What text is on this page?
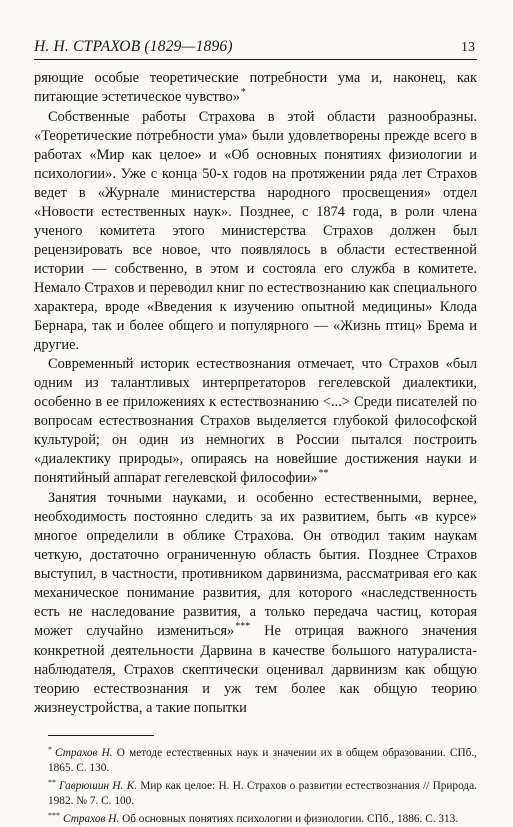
Н. Н. СТРАХОВ (1829—1896)	13

ряющие особые теоретические потребности ума и, наконец, как питающие эстетическое чувство»*

Собственные работы Страхова в этой области разнообразны. «Теоретические потребности ума» были удовлетворены прежде всего в работах «Мир как целое» и «Об основных понятиях физиологии и психологии». Уже с конца 50-х годов на протяжении ряда лет Страхов ведет в «Журнале министерства народного просвещения» отдел «Новости естественных наук». Позднее, с 1874 года, в роли члена ученого комитета этого министерства Страхов должен был рецензировать все новое, что появлялось в области естественной истории — собственно, в этом и состояла его служба в комитете. Немало Страхов и переводил книг по естествознанию как специального характера, вроде «Введения к изучению опытной медицины» Клода Бернара, так и более общего и популярного — «Жизнь птиц» Брема и другие.

Современный историк естествознания отмечает, что Страхов «был одним из талантливых интерпретаторов гегелевской диалектики, особенно в ее приложениях к естествознанию <...> Среди писателей по вопросам естествознания Страхов выделяется глубокой философской культурой; он один из немногих в России пытался построить «диалектику природы», опираясь на новейшие достижения науки и понятийный аппарат гегелевской философии»**

Занятия точными науками, и особенно естественными, вернее, необходимость постоянно следить за их развитием, быть «в курсе» многое определили в облике Страхова. Он отводил таким наукам четкую, достаточно ограниченную область бытия. Позднее Страхов выступил, в частности, противником дарвинизма, рассматривая его как механическое понимание развития, для которого «наследственность есть не наследование развития, а только передача частиц, которая может случайно измениться»*** Не отрицая важного значения конкретной деятельности Дарвина в качестве большого натуралиста-наблюдателя, Страхов скептически оценивал дарвинизм как общую теорию естествознания и уж тем более как общую теорию жизнеустройства, а такие попытки

* Страхов Н. О методе естественных наук и значении их в общем образовании. СПб., 1865. С. 130.

** Гаврюшин Н. К. Мир как целое: Н. Н. Страхов о развитии естествознания // Природа. 1982. № 7. С. 100.

*** Страхов Н. Об основных понятиях психологии и физиологии. СПб., 1886. С. 313.
